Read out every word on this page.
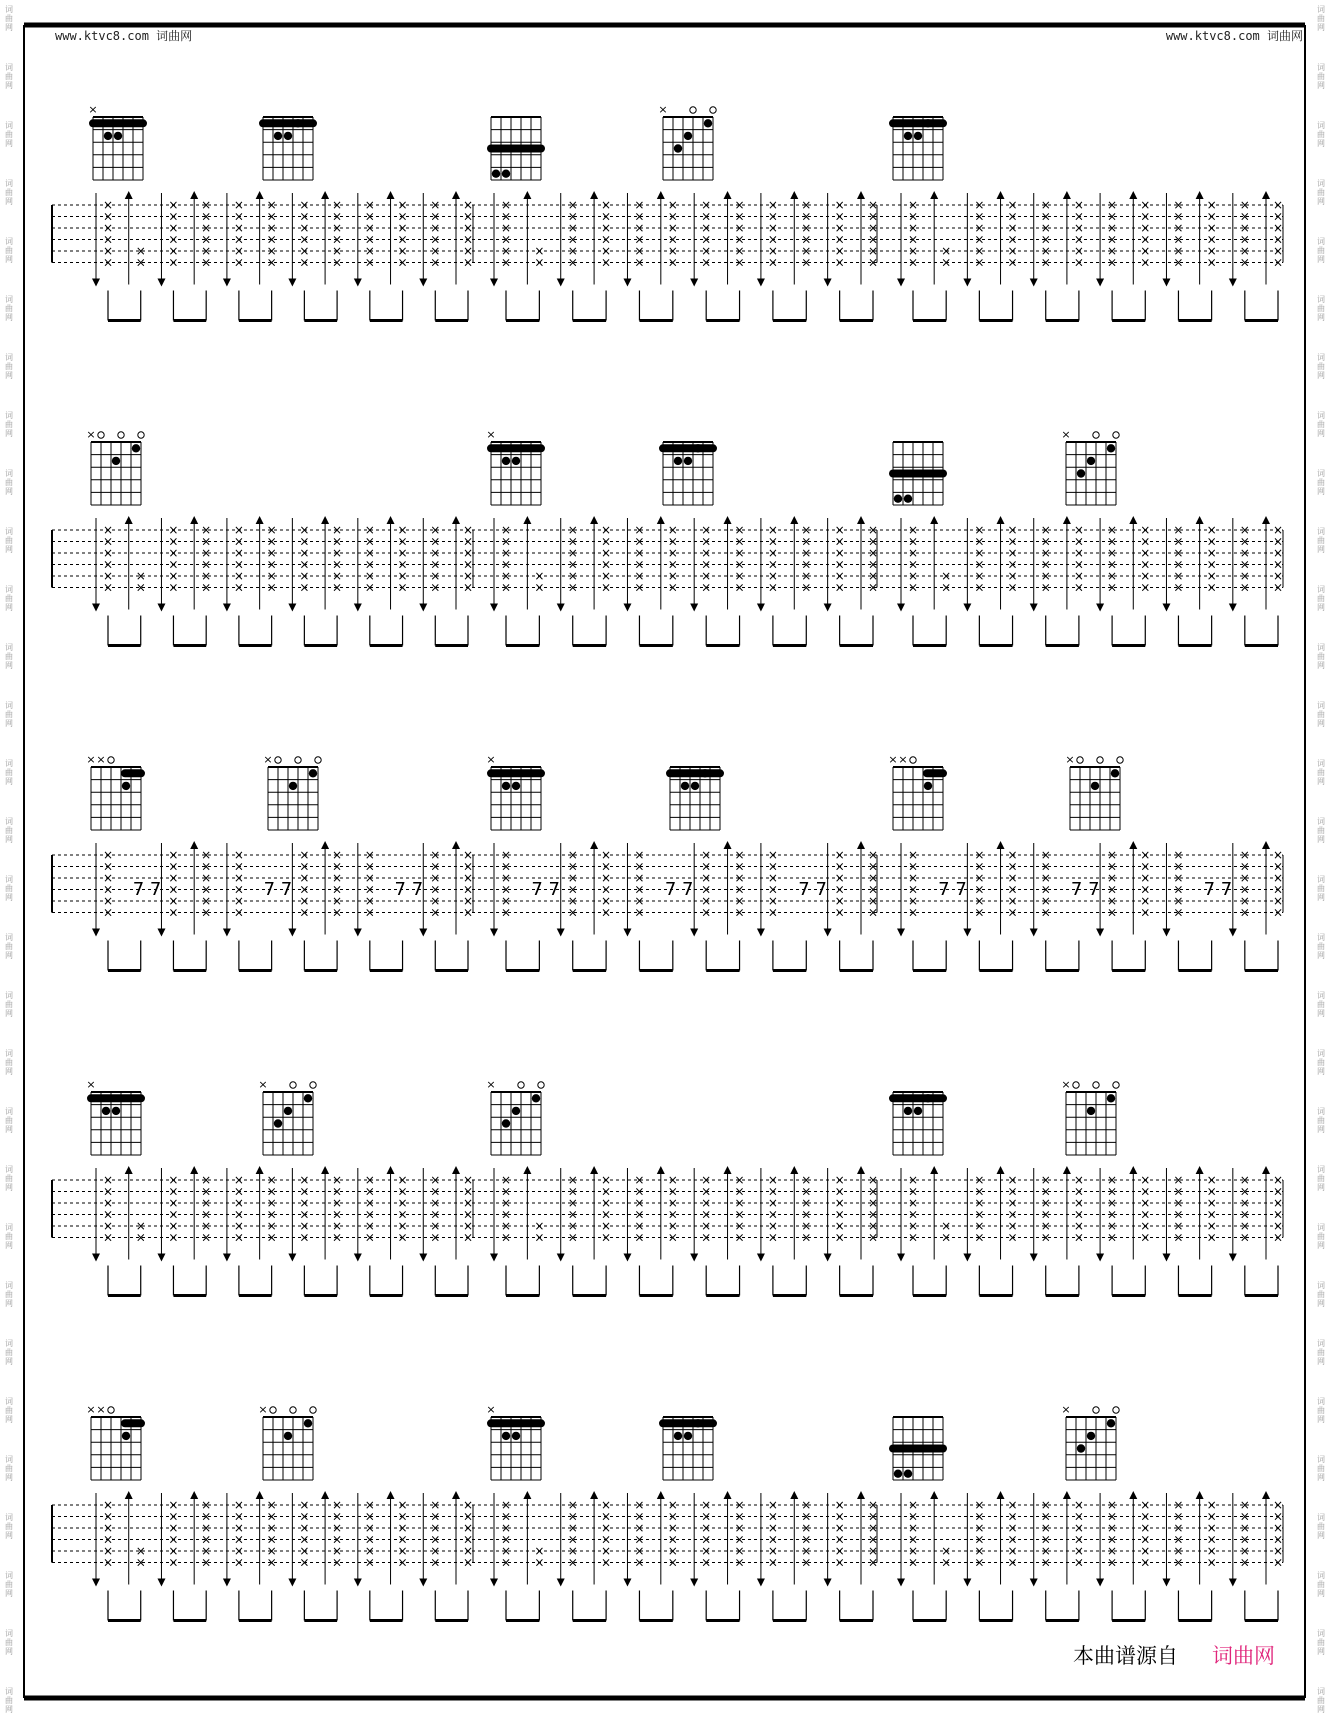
×	×
×
×
×
×
×
×
×
×
×
×
×
×
×
×
×
×
×
×
×
×
×
×
×
×
×
×
×
×
×
×
×
×
×
×
×
×
×
×
×
×
×
×
×
×
×
×
×
×
×
×
×
×
×
×
×
×
×
×
×
×
×
×
×
×
×
×
×
×
×
×
×
×
×
×
×
×
×
×
×
×
×
×
×
×
×
×
×
×
×
×
×
×
×
×
×
×
×
×
×
×
×
×
×
×
×
×
×
×
×
×
×
×
×
×
×
×
×
×
×
×
×
×
×
×
×
×
×
×
×
×
×
×
×
×
×
×
×
×
×
×
×
×
×
×
×
×
×
×
×
×
×
×
×
×
×
×
×
×
×
×
×
×
×
×
×
×
×
×
×
×
×
×
×
×
×
×
×
×
×
×
×
×
×
×
×
×
×
×
×
×
×
×
×
×
×
×
×
×
×
×
×
×
×
×
×	×	×
×
×
×
×
×
×
×
×
×
×
×
×
×
×
×
×
×
×
×
×
×
×
×
×
×
×
×
×
×
×
×
×
×
×
×
×
×
×
×
×
×
×
×
×
×
×
×
×
×
×
×
×
×
×
×
×
×
×
×
×
×
×
×
×
×
×
×
×
×
×
×
×
×
×
×
×
×
×
×
×
×
×
×
×
×
×
×
×
×
×
×
×
×
×
×
×
×
×
×
×
×
×
×
×
×
×
×
×
×
×
×
×
×
×
×
×
×
×
×
×
×
×
×
×
×
×
×
×
×
×
×
×
×
×
×
×
×
×
×
×
×
×
×
×
×
×
×
×
×
×
×
×
×
×
×
×
×
×
×
×
×
×
×
×
×
×
×
×
×
×
×
×
×
×
×
×
×
×
×
×
×
×
×
×
×
×
×
×
×
×
×
×
×
×
×
×
×
×
×
×
×
×
×
×
× ×	×	×	× ×	×
×
×
×
×
×
×
7 7
×
×
×
×
×
×
×
×
×
×
×
×
×
×
×
×
×
×
7 7
×
×
×
×
×
×
×
×
×
×
×
×
×
×
×
×
×
×
7 7
×
×
×
×
×
×
×
×
×
×
×
×
×
×
×
×
×
×
7 7
×
×
×
×
×
×
×
×
×
×
×
×
×
×
×
×
×
×
7 7
×
×
×
×
×
×
×
×
×
×
×
×
×
×
×
×
×
×
7 7
×
×
×
×
×
×
×
×
×
×
×
×
×
×
×
×
×
×
7 7
×
×
×
×
×
×
×
×
×
×
×
×
×
×
×
×
×
×
7 7
×
×
×
×
×
×
×
×
×
×
×
×
×
×
×
×
×
×
7 7
×
×
×
×
×
×
×
×
×
×
×
×
×	×	×	×
×
×
×
×
×
×
×
×
×
×
×
×
×
×
×
×
×
×
×
×
×
×
×
×
×
×
×
×
×
×
×
×
×
×
×
×
×
×
×
×
×
×
×
×
×
×
×
×
×
×
×
×
×
×
×
×
×
×
×
×
×
×
×
×
×
×
×
×
×
×
×
×
×
×
×
×
×
×
×
×
×
×
×
×
×
×
×
×
×
×
×
×
×
×
×
×
×
×
×
×
×
×
×
×
×
×
×
×
×
×
×
×
×
×
×
×
×
×
×
×
×
×
×
×
×
×
×
×
×
×
×
×
×
×
×
×
×
×
×
×
×
×
×
×
×
×
×
×
×
×
×
×
×
×
×
×
×
×
×
×
×
×
×
×
×
×
×
×
×
×
×
×
×
×
×
×
×
×
×
×
×
×
×
×
×
×
×
×
×
×
×
×
×
×
×
×
×
×
×
×
×
×
×
×
× ×	×	×	×
×
×
×
×
×
×
×
×
×
×
×
×
×
×
×
×
×
×
×
×
×
×
×
×
×
×
×
×
×
×
×
×
×
×
×
×
×
×
×
×
×
×
×
×
×
×
×
×
×
×
×
×
×
×
×
×
×
×
×
×
×
×
×
×
×
×
×
×
×
×
×
×
×
×
×
×
×
×
×
×
×
×
×
×
×
×
×
×
×
×
×
×
×
×
×
×
×
×
×
×
×
×
×
×
×
×
×
×
×
×
×
×
×
×
×
×
×
×
×
×
×
×
×
×
×
×
×
×
×
×
×
×
×
×
×
×
×
×
×
×
×
×
×
×
×
×
×
×
×
×
×
×
×
×
×
×
×
×
×
×
×
×
×
×
×
×
×
×
×
×
×
×
×
×
×
×
×
×
×
×
×
×
×
×
×
×
×
×
×
×
×
×
×
×
×
×
×
×
×
×
×
×
×
×
www.ktvc8.com 词曲网	www.ktvc8.com 词曲网
本曲谱源自 词曲网
词
曲
网
词
曲
网
词
曲
网
词
曲
网
词
曲
网
词
曲
网
词
曲
网
词
曲
网
词
曲
网
词
曲
网
词
曲
网
词
曲
网
词
曲
网
词
曲
网
词
曲
网
词
曲
网
词
曲
网
词
曲
网
词
曲
网
词
曲
网
词
曲
网
词
曲
网
词
曲
网
词
曲
网
词
曲
网
词
曲
网
词
曲
网
词
曲
网
词
曲
网
词
曲
网
词
曲
网
词
曲
网
词
曲
网
词
曲
网
词
曲
网
词
曲
网
词
曲
网
词
曲
网
词
曲
网
词
曲
网
词
曲
网
词
曲
网
词
曲
网
词
曲
网
词
曲
网
词
曲
网
词
曲
网
词
曲
网
词
曲
网
词
曲
网
词
曲
网
词
曲
网
词
曲
网
词
曲
网
词
曲
网
词
曲
网
词
曲
网
词
曲
网
词
曲
网
词
曲
网
